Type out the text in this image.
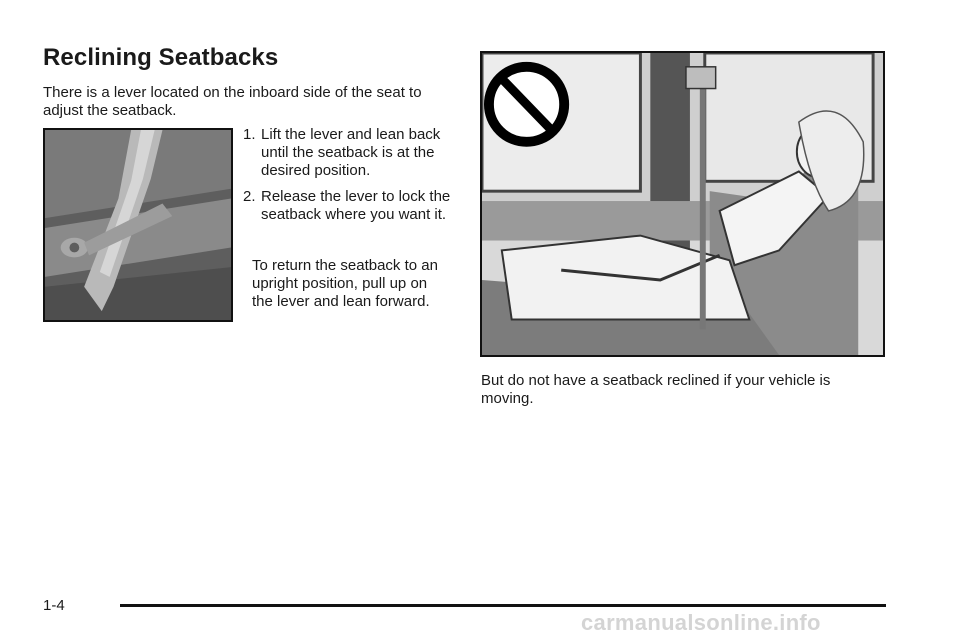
Reclining Seatbacks

There is a lever located on the inboard side of the seat to adjust the seatback.

1. Lift the lever and lean back until the seatback is at the desired position.
2. Release the lever to lock the seatback where you want it.

To return the seatback to an upright position, pull up on the lever and lean forward.

But do not have a seatback reclined if your vehicle is moving.

1-4
carmanualsonline.info
